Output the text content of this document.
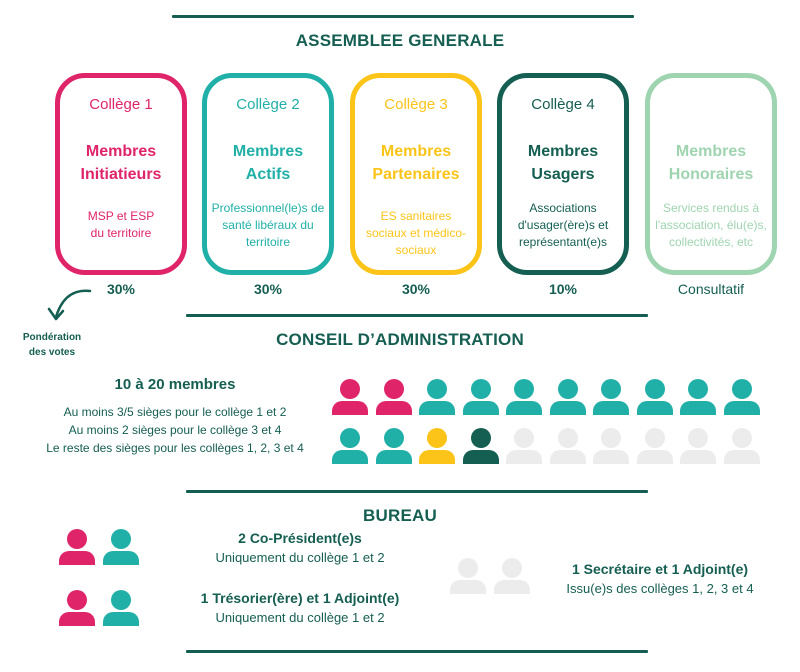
ASSEMBLEE GENERALE
Collège 1
Membres
Initiatieurs
MSP et ESP du territoire
Collège 2
Membres
Actifs
Professionnel(le)s de santé libéraux du territoire
Collège 3
Membres
Partenaires
ES sanitaires sociaux et médico-sociaux
Collège 4
Membres
Usagers
Associations d'usager(ère)s et représentant(e)s
Membres
Honoraires
Services rendus à l'association, élu(e)s, collectivités, etc
30%	30%	30%	10%	Consultatif
Pondération
des votes
CONSEIL D’ADMINISTRATION
10 à 20 membres
Au moins 3/5 sièges pour le collège 1 et 2
Au moins 2 sièges pour le collège 3 et 4
Le reste des sièges pour les collèges 1, 2, 3 et 4
BUREAU
2 Co-Président(e)s
Uniquement du collège 1 et 2
1 Trésorier(ère) et 1 Adjoint(e)
Uniquement du collège 1 et 2
1 Secrétaire et 1 Adjoint(e)
Issu(e)s des collèges 1, 2, 3 et 4
